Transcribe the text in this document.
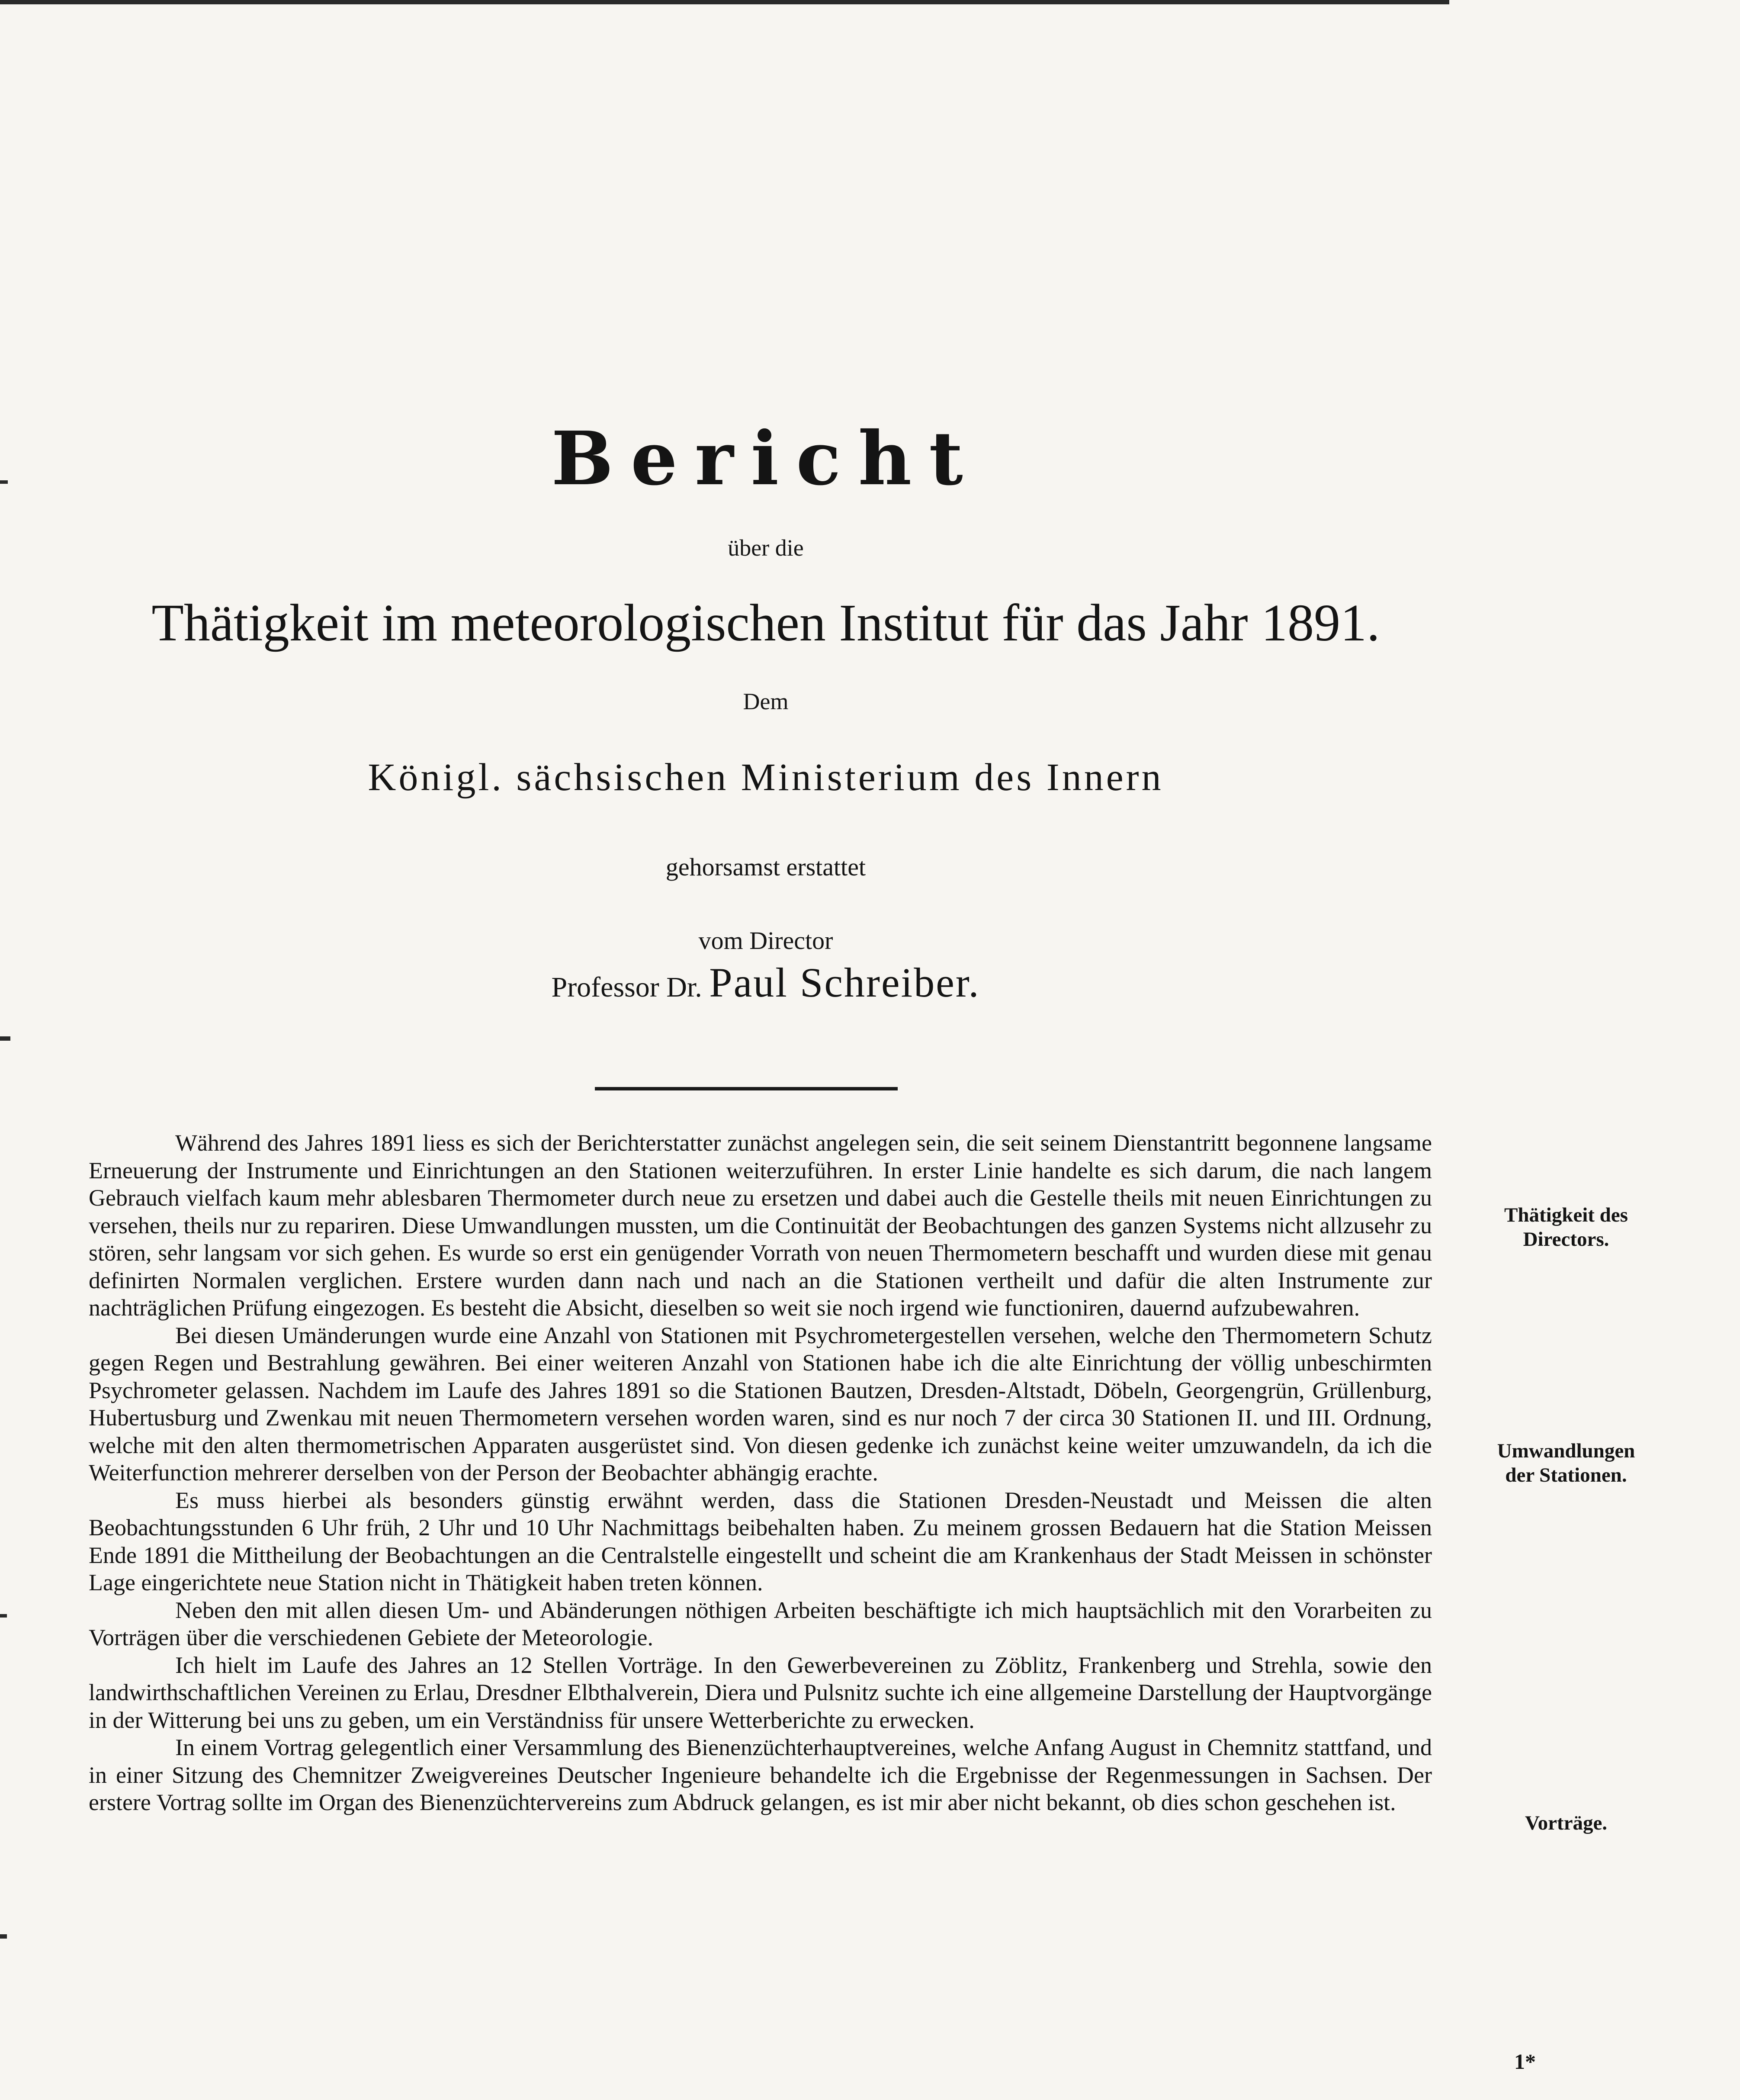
Bericht
über die
Thätigkeit im meteorologischen Institut für das Jahr 1891.
Dem
Königl. sächsischen Ministerium des Innern
gehorsamst erstattet
vom Director
Professor Dr. Paul Schreiber.

Während des Jahres 1891 liess es sich der Berichterstatter zunächst angelegen sein, die seit seinem Dienstantritt begonnene langsame Erneuerung der Instrumente und Einrichtungen an den Stationen weiterzuführen. In erster Linie handelte es sich darum, die nach langem Gebrauch vielfach kaum mehr ablesbaren Thermometer durch neue zu ersetzen und dabei auch die Gestelle theils mit neuen Einrichtungen zu versehen, theils nur zu repariren. Diese Umwandlungen mussten, um die Continuität der Beobachtungen des ganzen Systems nicht allzusehr zu stören, sehr langsam vor sich gehen. Es wurde so erst ein genügender Vorrath von neuen Thermometern beschafft und wurden diese mit genau definirten Normalen verglichen. Erstere wurden dann nach und nach an die Stationen vertheilt und dafür die alten Instrumente zur nachträglichen Prüfung eingezogen. Es besteht die Absicht, dieselben so weit sie noch irgend wie functioniren, dauernd aufzubewahren.

Bei diesen Umänderungen wurde eine Anzahl von Stationen mit Psychrometergestellen versehen, welche den Thermometern Schutz gegen Regen und Bestrahlung gewähren. Bei einer weiteren Anzahl von Stationen habe ich die alte Einrichtung der völlig unbeschirmten Psychrometer gelassen. Nachdem im Laufe des Jahres 1891 so die Stationen Bautzen, Dresden-Altstadt, Döbeln, Georgengrün, Grüllenburg, Hubertusburg und Zwenkau mit neuen Thermometern versehen worden waren, sind es nur noch 7 der circa 30 Stationen II. und III. Ordnung, welche mit den alten thermometrischen Apparaten ausgerüstet sind. Von diesen gedenke ich zunächst keine weiter umzuwandeln, da ich die Weiterfunction mehrerer derselben von der Person der Beobachter abhängig erachte.

Es muss hierbei als besonders günstig erwähnt werden, dass die Stationen Dresden-Neustadt und Meissen die alten Beobachtungsstunden 6 Uhr früh, 2 Uhr und 10 Uhr Nachmittags beibehalten haben. Zu meinem grossen Bedauern hat die Station Meissen Ende 1891 die Mittheilung der Beobachtungen an die Centralstelle eingestellt und scheint die am Krankenhaus der Stadt Meissen in schönster Lage eingerichtete neue Station nicht in Thätigkeit haben treten können.

Neben den mit allen diesen Um- und Abänderungen nöthigen Arbeiten beschäftigte ich mich hauptsächlich mit den Vorarbeiten zu Vorträgen über die verschiedenen Gebiete der Meteorologie.

Ich hielt im Laufe des Jahres an 12 Stellen Vorträge. In den Gewerbevereinen zu Zöblitz, Frankenberg und Strehla, sowie den landwirthschaftlichen Vereinen zu Erlau, Dresdner Elbthalverein, Diera und Pulsnitz suchte ich eine allgemeine Darstellung der Hauptvorgänge in der Witterung bei uns zu geben, um ein Verständniss für unsere Wetterberichte zu erwecken.

In einem Vortrag gelegentlich einer Versammlung des Bienenzüchterhauptvereines, welche Anfang August in Chemnitz stattfand, und in einer Sitzung des Chemnitzer Zweigvereines Deutscher Ingenieure behandelte ich die Ergebnisse der Regenmessungen in Sachsen. Der erstere Vortrag sollte im Organ des Bienenzüchtervereins zum Abdruck gelangen, es ist mir aber nicht bekannt, ob dies schon geschehen ist.

Thätigkeit des
Directors.
Umwandlungen
der Stationen.
Vorträge.
1*
